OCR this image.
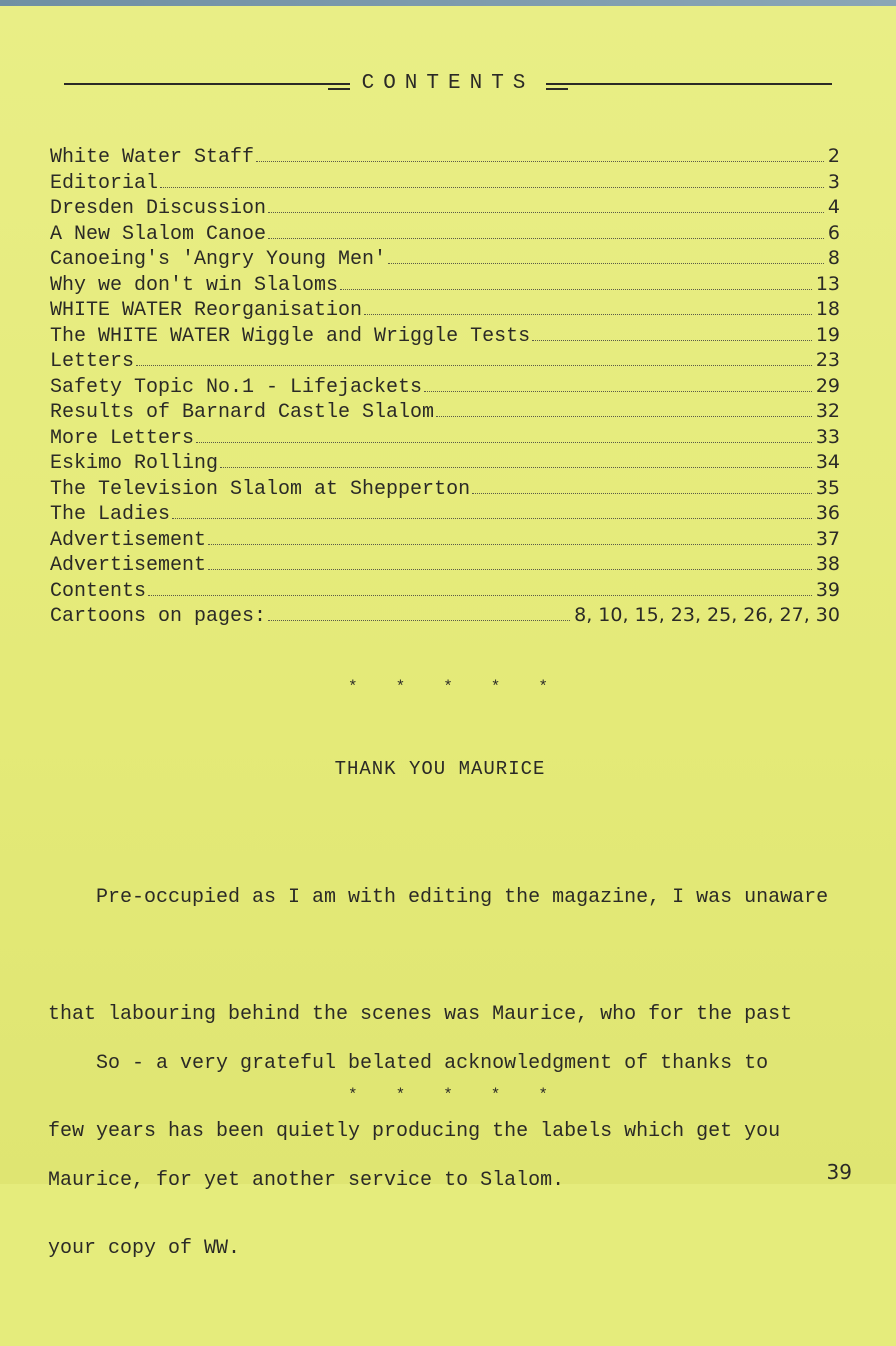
CONTENTS
White Water Staff	2
Editorial	3
Dresden Discussion	4
A New Slalom Canoe	6
Canoeing's 'Angry Young Men'	8
Why we don't win Slaloms	13
WHITE WATER Reorganisation	18
The WHITE WATER Wiggle and Wriggle Tests	19
Letters	23
Safety Topic No.1 - Lifejackets	29
Results of Barnard Castle Slalom	32
More Letters	33
Eskimo Rolling	34
The Television Slalom at Shepperton	35
The Ladies	36
Advertisement	37
Advertisement	38
Contents	39
Cartoons on pages:	8, 10, 15, 23, 25, 26, 27, 30
*****
THANK YOU MAURICE

Pre-occupied as I am with editing the magazine, I was unaware

that labouring behind the scenes was Maurice, who for the past

few years has been quietly producing the labels which get you

your copy of WW.

So - a very grateful belated acknowledgment of thanks to

Maurice, for yet another service to Slalom.

*****
39
